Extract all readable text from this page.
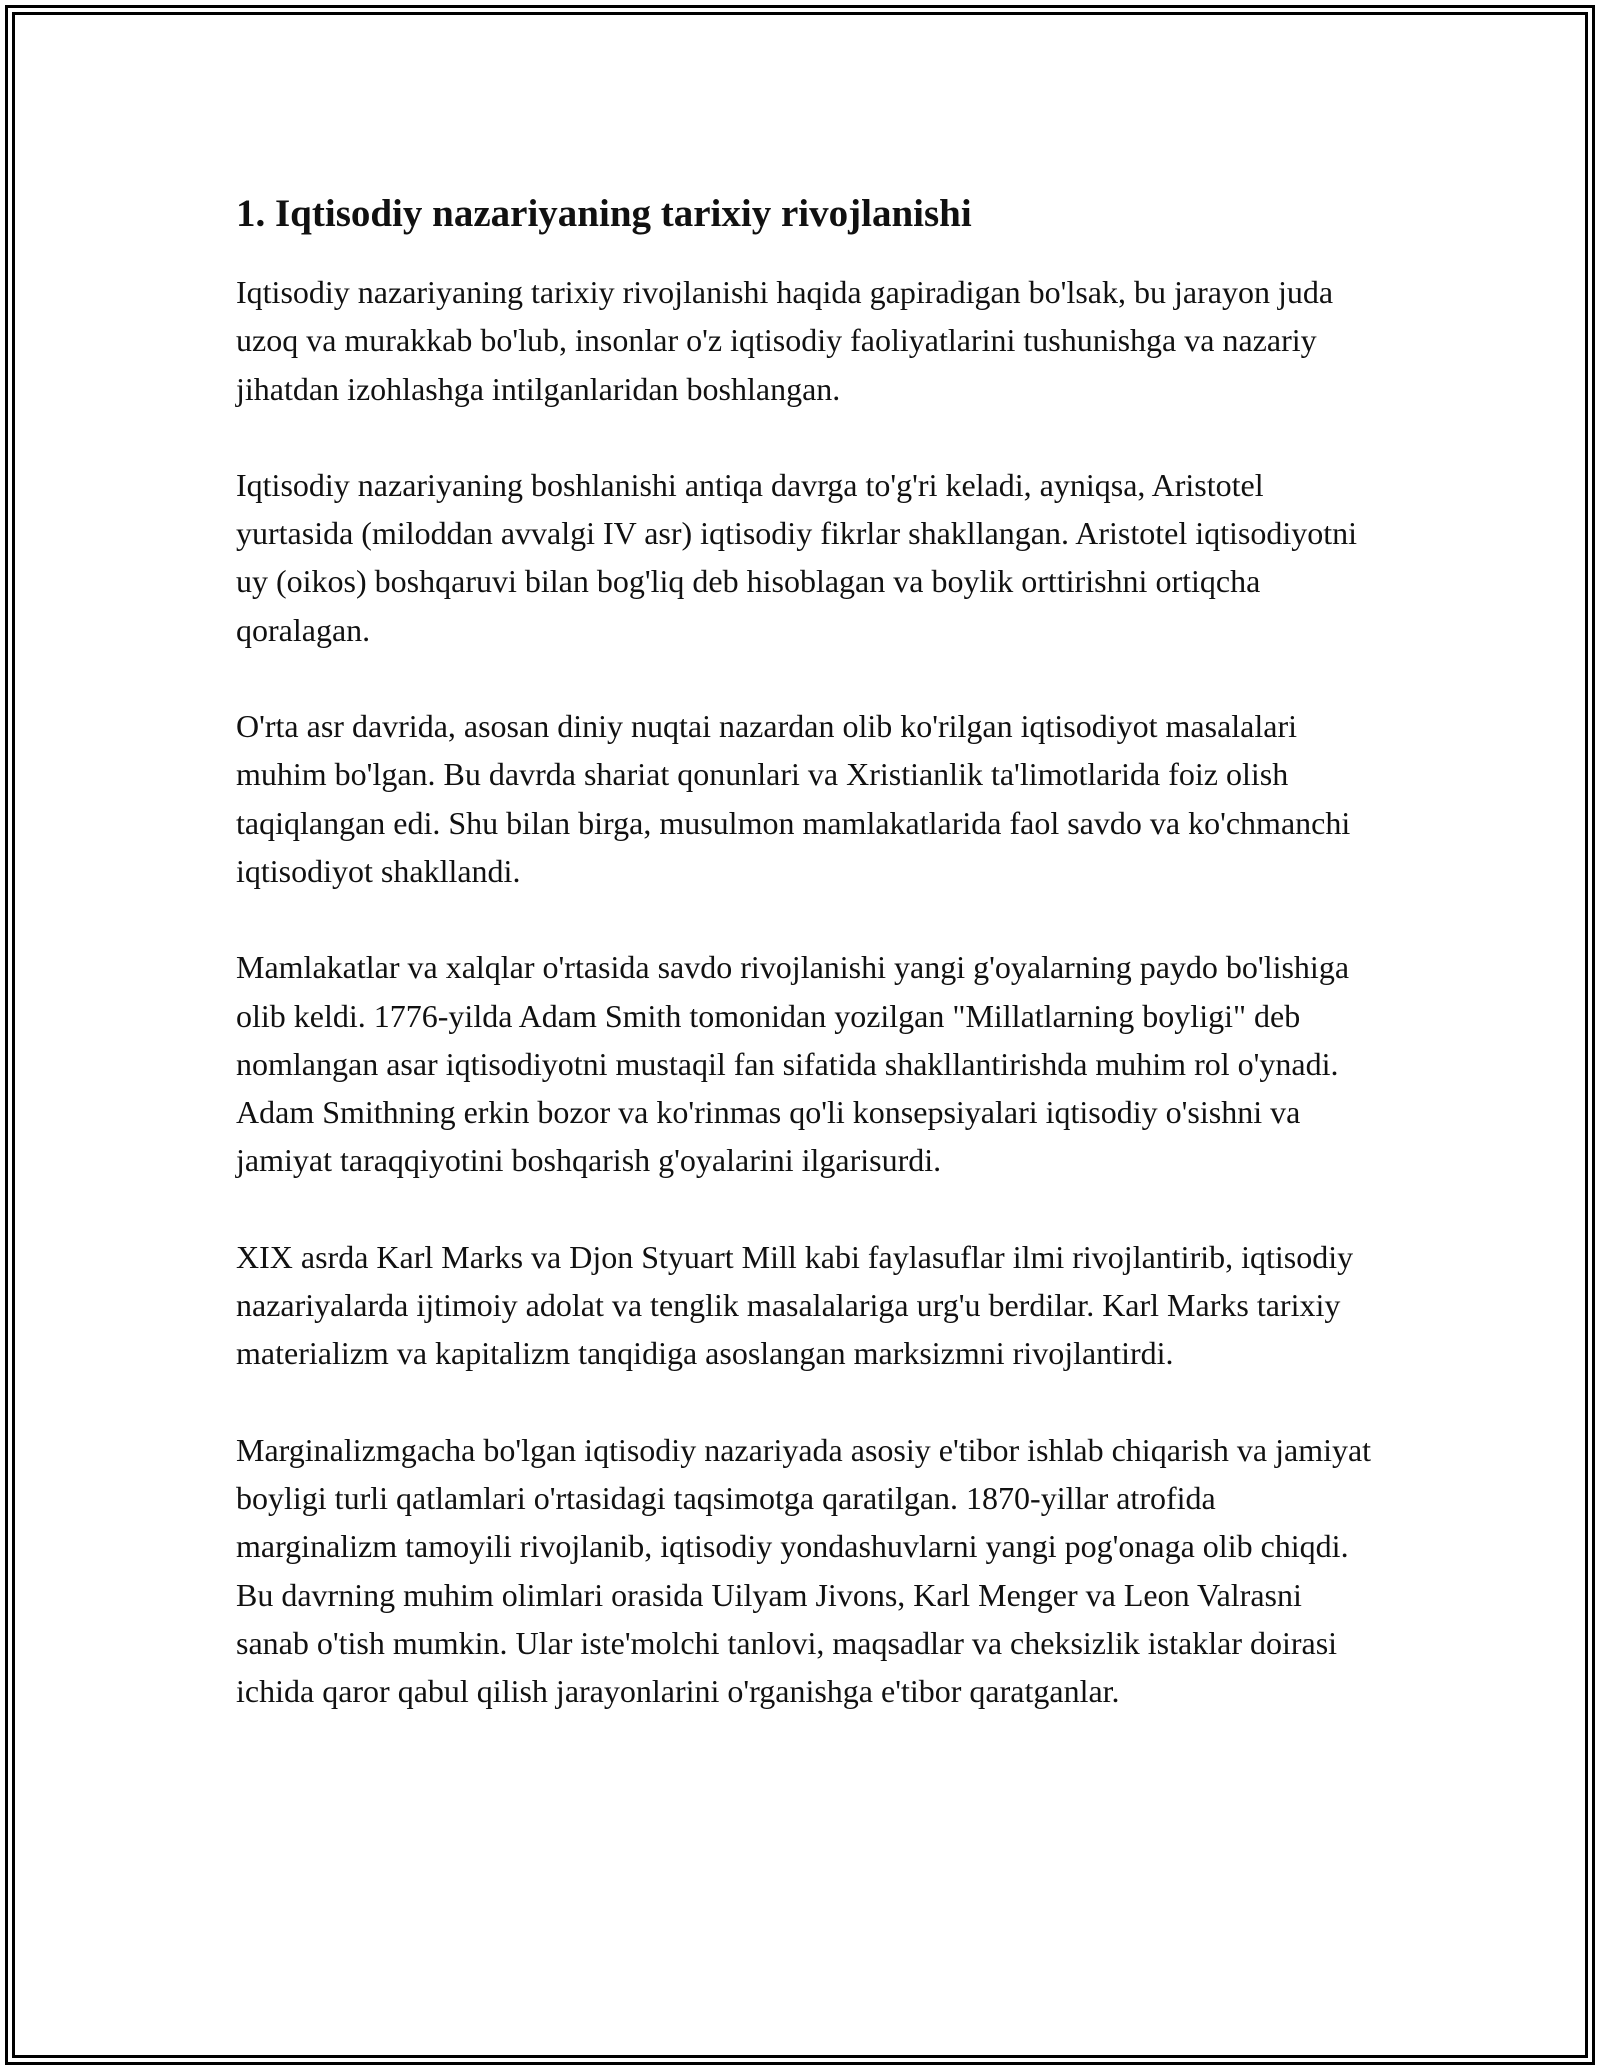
1. Iqtisodiy nazariyaning tarixiy rivojlanishi

Iqtisodiy nazariyaning tarixiy rivojlanishi haqida gapiradigan bo'lsak, bu jarayon juda uzoq va murakkab bo'lub, insonlar o'z iqtisodiy faoliyatlarini tushunishga va nazariy jihatdan izohlashga intilganlaridan boshlangan.

Iqtisodiy nazariyaning boshlanishi antiqa davrga to'g'ri keladi, ayniqsa, Aristotel yurtasida (miloddan avvalgi IV asr) iqtisodiy fikrlar shakllangan. Aristotel iqtisodiyotni uy (oikos) boshqaruvi bilan bog'liq deb hisoblagan va boylik orttirishni ortiqcha qoralagan.

O'rta asr davrida, asosan diniy nuqtai nazardan olib ko'rilgan iqtisodiyot masalalari muhim bo'lgan. Bu davrda shariat qonunlari va Xristianlik ta'limotlarida foiz olish taqiqlangan edi. Shu bilan birga, musulmon mamlakatlarida faol savdo va ko'chmanchi iqtisodiyot shakllandi.

Mamlakatlar va xalqlar o'rtasida savdo rivojlanishi yangi g'oyalarning paydo bo'lishiga olib keldi. 1776-yilda Adam Smith tomonidan yozilgan "Millatlarning boyligi" deb nomlangan asar iqtisodiyotni mustaqil fan sifatida shakllantirishda muhim rol o'ynadi. Adam Smithning erkin bozor va ko'rinmas qo'li konsepsiyalari iqtisodiy o'sishni va jamiyat taraqqiyotini boshqarish g'oyalarini ilgarisurdi.

XIX asrda Karl Marks va Djon Styuart Mill kabi faylasuflar ilmi rivojlantirib, iqtisodiy nazariyalarda ijtimoiy adolat va tenglik masalalariga urg'u berdilar. Karl Marks tarixiy materializm va kapitalizm tanqidiga asoslangan marksizmni rivojlantirdi.

Marginalizmgacha bo'lgan iqtisodiy nazariyada asosiy e'tibor ishlab chiqarish va jamiyat boyligi turli qatlamlari o'rtasidagi taqsimotga qaratilgan. 1870-yillar atrofida marginalizm tamoyili rivojlanib, iqtisodiy yondashuvlarni yangi pog'onaga olib chiqdi. Bu davrning muhim olimlari orasida Uilyam Jivons, Karl Menger va Leon Valrasni sanab o'tish mumkin. Ular iste'molchi tanlovi, maqsadlar va cheksizlik istaklar doirasi ichida qaror qabul qilish jarayonlarini o'rganishga e'tibor qaratganlar.
